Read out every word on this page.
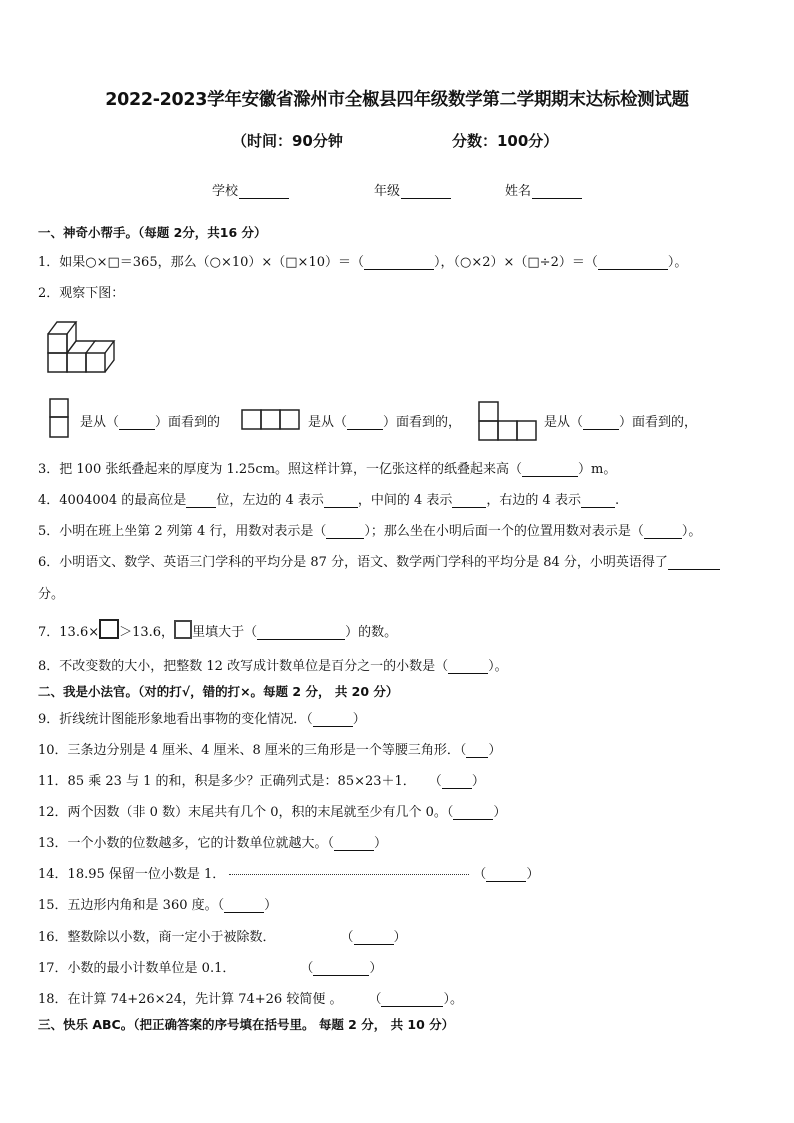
2022-2023学年安徽省滁州市全椒县四年级数学第二学期期末达标检测试题
（时间：90分钟	分数：100分）
学校	年级	姓名
一、神奇小帮手。（每题 2分，共16 分）
1．如果○×□＝365，那么（○×10）×（□×10）＝（	），（○×2）×（□÷2）＝（	）。
2．观察下图：
是从（	）面看到的	是从（	）面看到的，	是从（	）面看到的，
3．把 100 张纸叠起来的厚度为 1.25cm。照这样计算，一亿张这样的纸叠起来高（	）m。
4．4004004 的最高位是 位，左边的 4 表示	，中间的 4 表示	，右边的 4 表示	.
5．小明在班上坐第 2 列第 4 行，用数对表示是（	）；那么坐在小明后面一个的位置用数对表示是（	）。
6．小明语文、数学、英语三门学科的平均分是 87 分，语文、数学两门学科的平均分是 84 分，小明英语得了
分。
7．13.6× ＞13.6， 里填大于（	）的数。
8．不改变数的大小，把整数 12 改写成计数单位是百分之一的小数是（	）。
二、我是小法官。（对的打√，错的打×。每题 2 分， 共 20 分）
9．折线统计图能形象地看出事物的变化情况．（	）
10．三条边分别是 4 厘米、4 厘米、8 厘米的三角形是一个等腰三角形．（ ）
11．85 乘 23 与 1 的和，积是多少？正确列式是：85×23＋1．　　（ ）
12．两个因数（非 0 数）末尾共有几个 0，积的末尾就至少有几个 0。（	）
13．一个小数的位数越多，它的计数单位就越大。（	）
14．18.95 保留一位小数是 1．	（	）
15．五边形内角和是 360 度。（	）
16．整数除以小数，商一定小于被除数．　　　　　　（	）
17．小数的最小计数单位是 0.1．　　　　　　（	）
18．在计算 74+26×24，先计算 74+26 较简便 。　　　（	）。
三、快乐 ABC。（把正确答案的序号填在括号里。 每题 2 分， 共 10 分）
